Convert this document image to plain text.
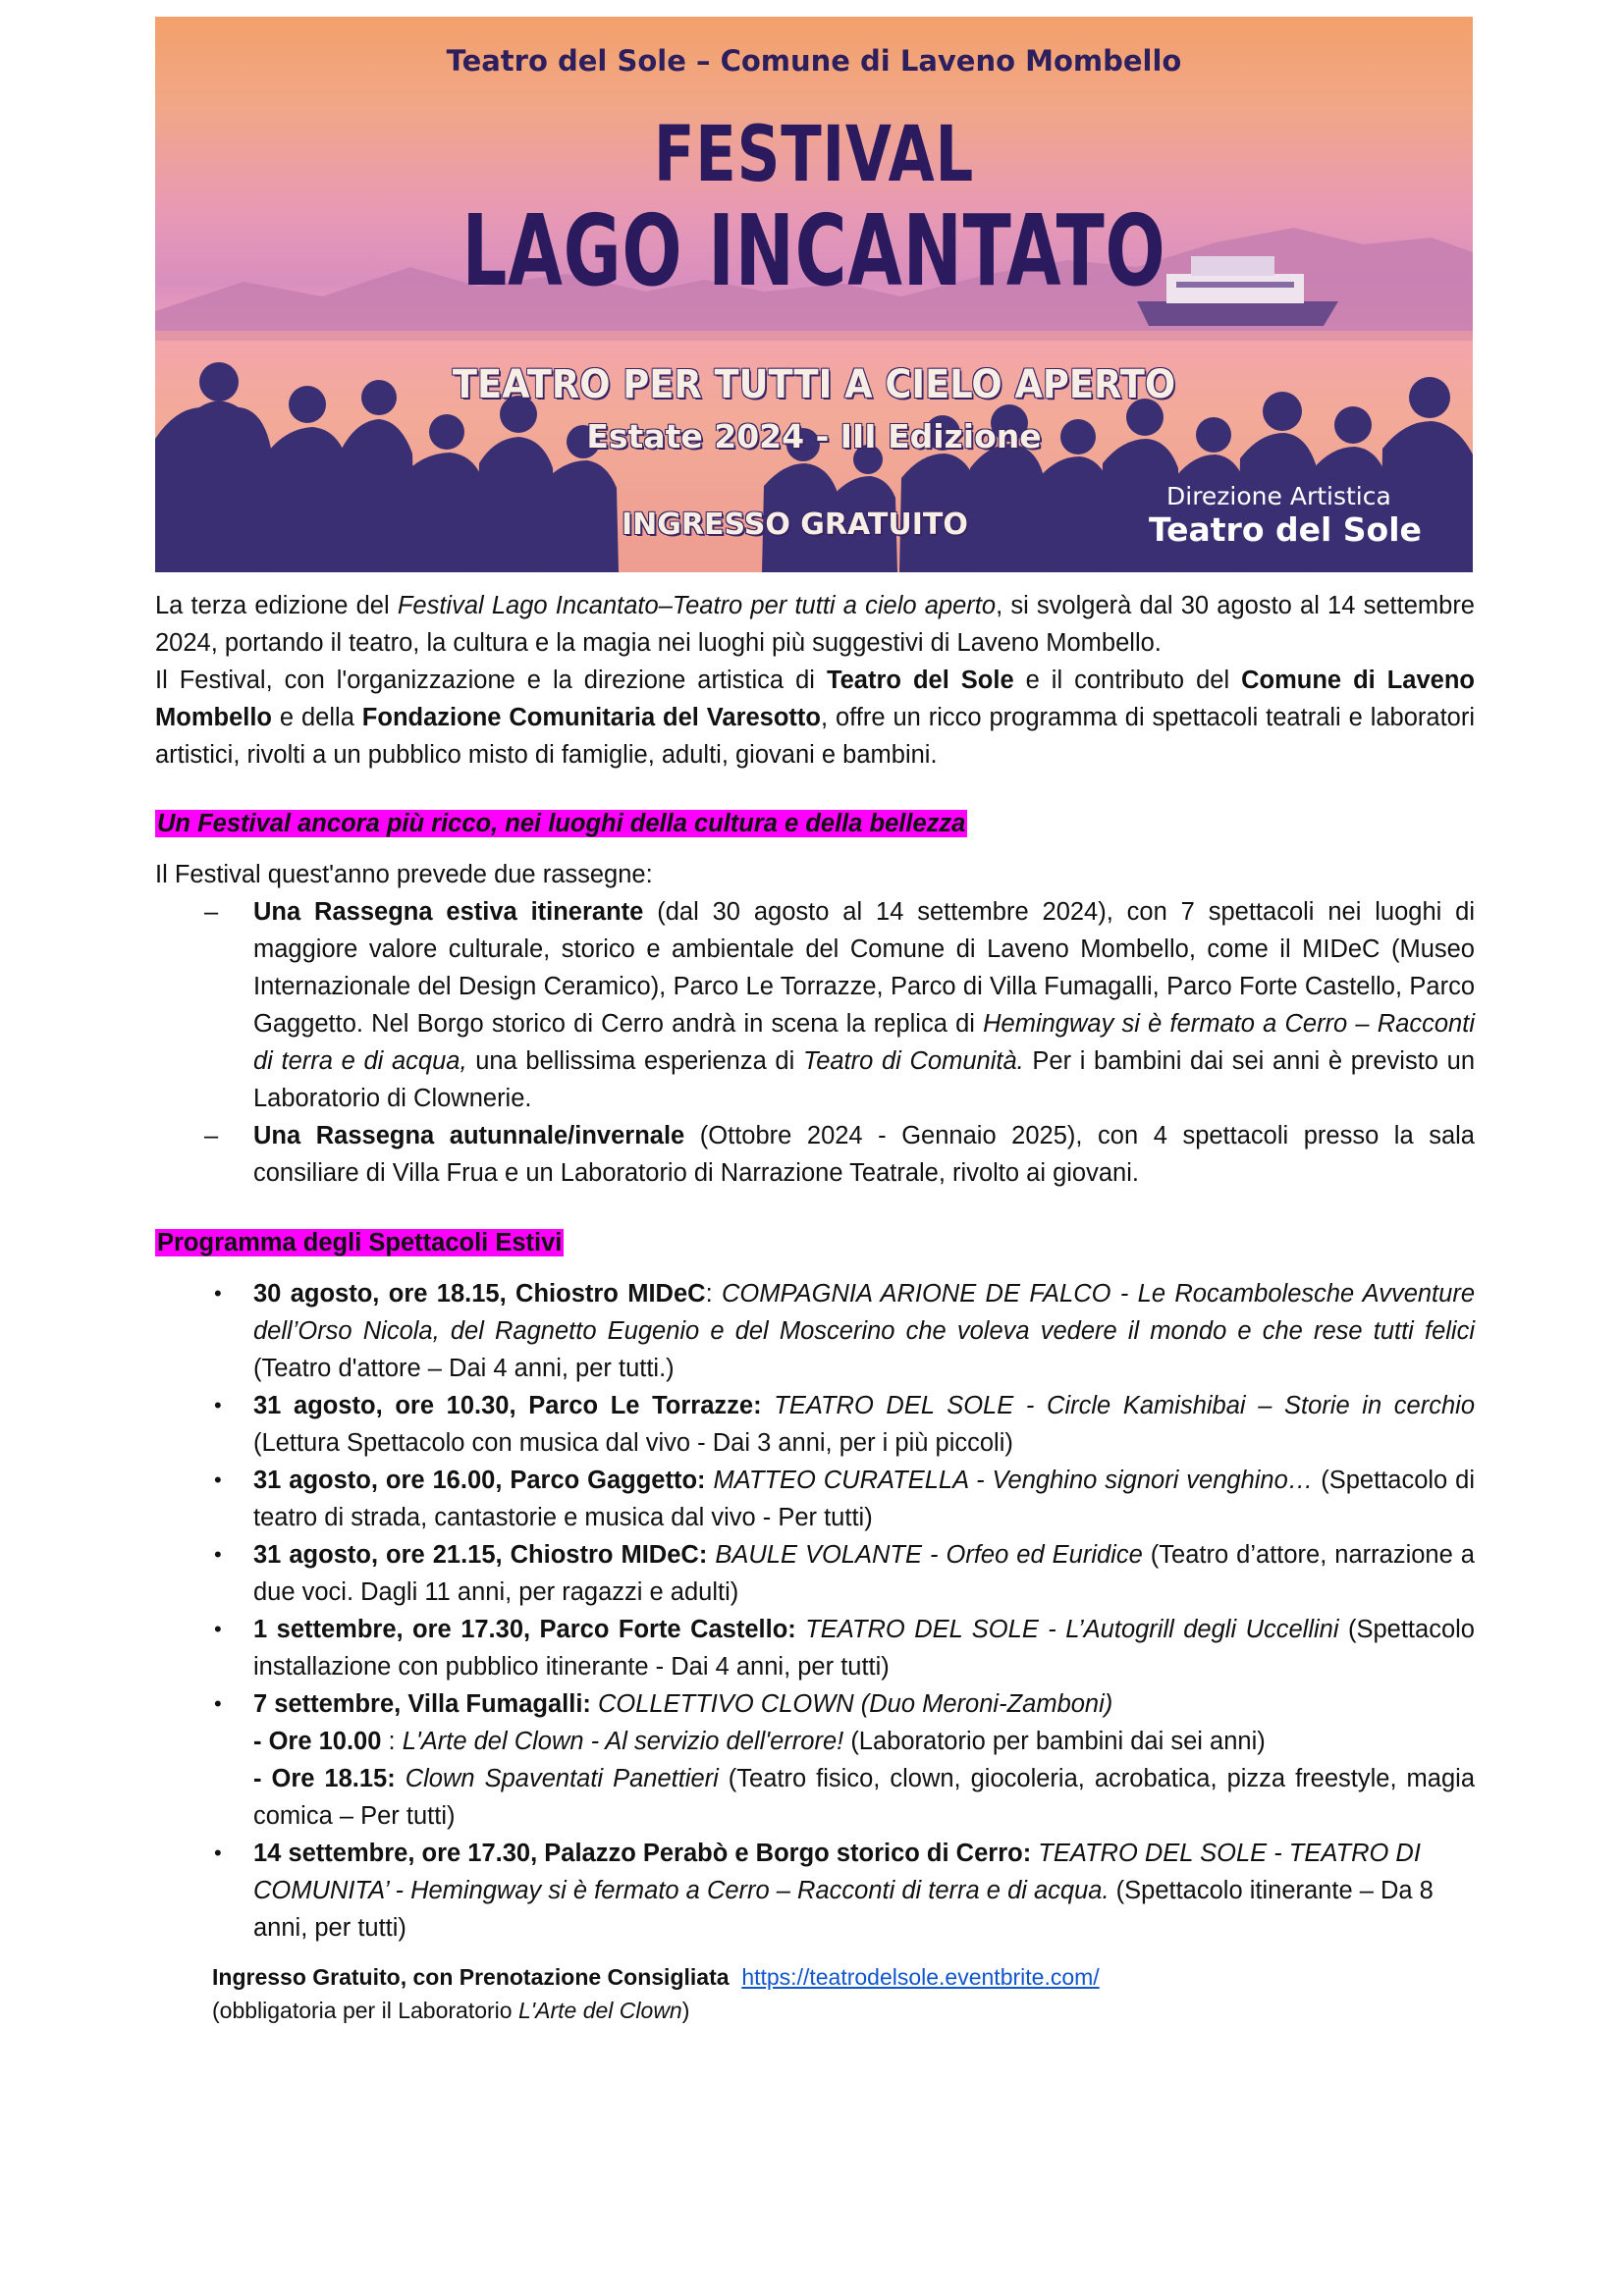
Teatro del Sole – Comune di Laveno Mombello
FESTIVAL
LAGO INCANTATO
TEATRO PER TUTTI A CIELO APERTO
Estate 2024 - III Edizione
INGRESSO GRATUITO
Direzione Artistica
Teatro del Sole

La terza edizione del Festival Lago Incantato–Teatro per tutti a cielo aperto, si svolgerà dal 30 agosto al 14 settembre 2024, portando il teatro, la cultura e la magia nei luoghi più suggestivi di Laveno Mombello.

Il Festival, con l'organizzazione e la direzione artistica di Teatro del Sole e il contributo del Comune di Laveno Mombello e della Fondazione Comunitaria del Varesotto, offre un ricco programma di spettacoli teatrali e laboratori artistici, rivolti a un pubblico misto di famiglie, adulti, giovani e bambini.

Un Festival ancora più ricco, nei luoghi della cultura e della bellezza
Il Festival quest'anno prevede due rassegne:
– Una Rassegna estiva itinerante (dal 30 agosto al 14 settembre 2024), con 7 spettacoli nei luoghi di maggiore valore culturale, storico e ambientale del Comune di Laveno Mombello, come il MIDeC (Museo Internazionale del Design Ceramico), Parco Le Torrazze, Parco di Villa Fumagalli, Parco Forte Castello, Parco Gaggetto. Nel Borgo storico di Cerro andrà in scena la replica di Hemingway si è fermato a Cerro – Racconti di terra e di acqua, una bellissima esperienza di Teatro di Comunità. Per i bambini dai sei anni è previsto un Laboratorio di Clownerie.
– Una Rassegna autunnale/invernale (Ottobre 2024 - Gennaio 2025), con 4 spettacoli presso la sala consiliare di Villa Frua e un Laboratorio di Narrazione Teatrale, rivolto ai giovani.
Programma degli Spettacoli Estivi
• 30 agosto, ore 18.15, Chiostro MIDeC: COMPAGNIA ARIONE DE FALCO - Le Rocambolesche Avventure dell’Orso Nicola, del Ragnetto Eugenio e del Moscerino che voleva vedere il mondo e che rese tutti felici (Teatro d'attore – Dai 4 anni, per tutti.)
• 31 agosto, ore 10.30, Parco Le Torrazze: TEATRO DEL SOLE - Circle Kamishibai – Storie in cerchio (Lettura Spettacolo con musica dal vivo - Dai 3 anni, per i più piccoli)
• 31 agosto, ore 16.00, Parco Gaggetto: MATTEO CURATELLA - Venghino signori venghino… (Spettacolo di teatro di strada, cantastorie e musica dal vivo - Per tutti)
• 31 agosto, ore 21.15, Chiostro MIDeC: BAULE VOLANTE - Orfeo ed Euridice (Teatro d’attore, narrazione a due voci. Dagli 11 anni, per ragazzi e adulti)
• 1 settembre, ore 17.30, Parco Forte Castello: TEATRO DEL SOLE - L’Autogrill degli Uccellini (Spettacolo installazione con pubblico itinerante - Dai 4 anni, per tutti)
• 7 settembre, Villa Fumagalli: COLLETTIVO CLOWN (Duo Meroni-Zamboni)
- Ore 10.00 : L'Arte del Clown - Al servizio dell'errore! (Laboratorio per bambini dai sei anni)
- Ore 18.15: Clown Spaventati Panettieri (Teatro fisico, clown, giocoleria, acrobatica, pizza freestyle, magia comica – Per tutti)
• 14 settembre, ore 17.30, Palazzo Perabò e Borgo storico di Cerro: TEATRO DEL SOLE - TEATRO DI COMUNITA’ - Hemingway si è fermato a Cerro – Racconti di terra e di acqua. (Spettacolo itinerante – Da 8 anni, per tutti)
Ingresso Gratuito, con Prenotazione Consigliata https://teatrodelsole.eventbrite.com/
(obbligatoria per il Laboratorio L'Arte del Clown)
